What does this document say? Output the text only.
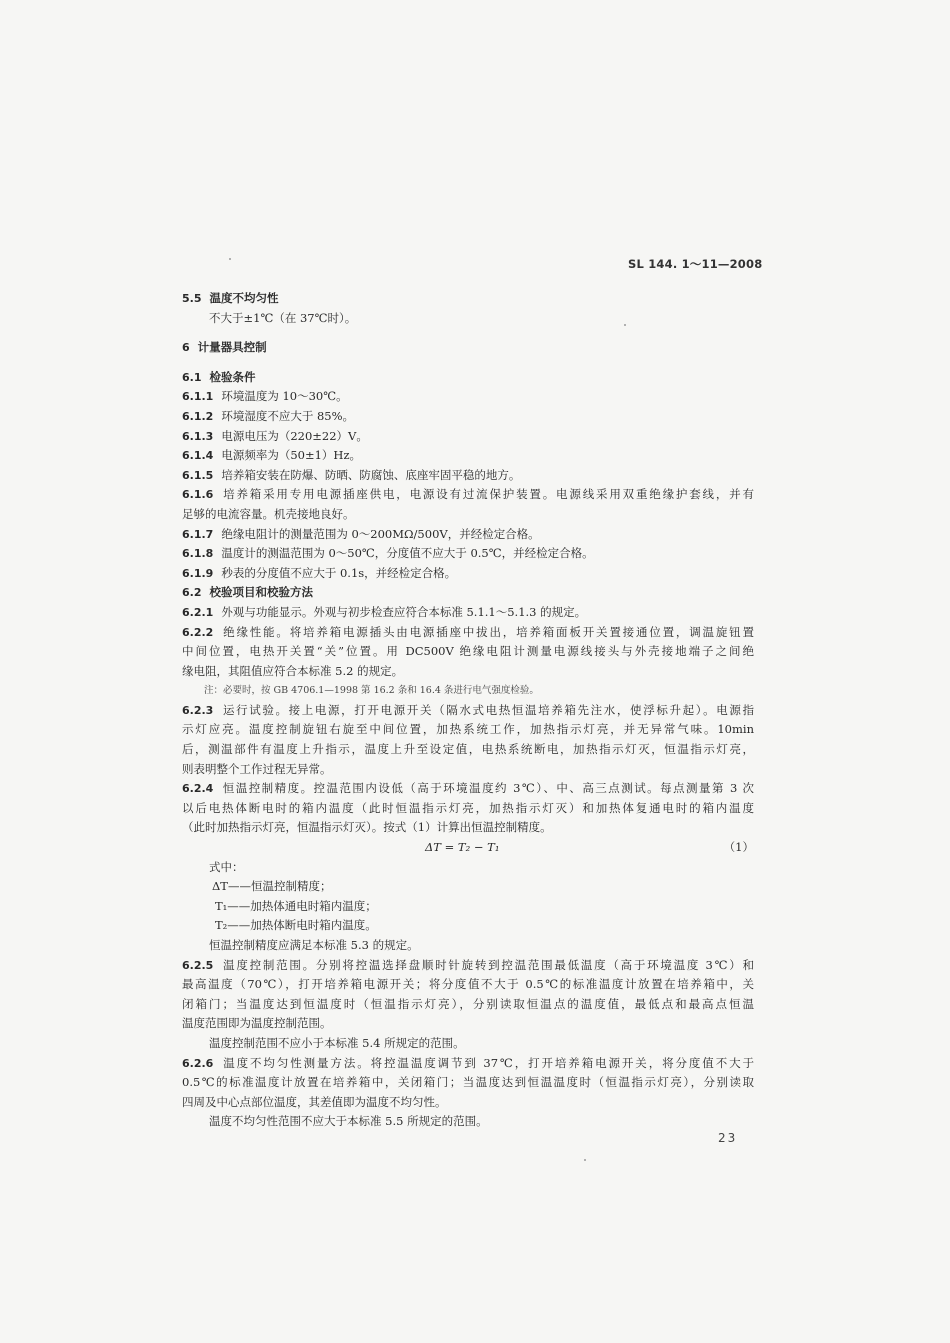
SL 144. 1～11—2008
5.5 温度不均匀性
不大于±1℃（在 37℃时）。
6 计量器具控制
6.1 检验条件
6.1.1 环境温度为 10～30℃。
6.1.2 环境湿度不应大于 85%。
6.1.3 电源电压为（220±22）V。
6.1.4 电源频率为（50±1）Hz。
6.1.5 培养箱安装在防爆、防晒、防腐蚀、底座牢固平稳的地方。
6.1.6 培养箱采用专用电源插座供电，电源设有过流保护装置。电源线采用双重绝缘护套线，并有
足够的电流容量。机壳接地良好。
6.1.7 绝缘电阻计的测量范围为 0～200MΩ/500V，并经检定合格。
6.1.8 温度计的测温范围为 0～50℃，分度值不应大于 0.5℃，并经检定合格。
6.1.9 秒表的分度值不应大于 0.1s，并经检定合格。
6.2 校验项目和校验方法
6.2.1 外观与功能显示。外观与初步检查应符合本标准 5.1.1～5.1.3 的规定。
6.2.2 绝缘性能。将培养箱电源插头由电源插座中拔出，培养箱面板开关置接通位置，调温旋钮置
中间位置，电热开关置“关”位置。用 DC500V 绝缘电阻计测量电源线接头与外壳接地端子之间绝
缘电阻，其阻值应符合本标准 5.2 的规定。
注：必要时，按 GB 4706.1—1998 第 16.2 条和 16.4 条进行电气强度检验。
6.2.3 运行试验。接上电源，打开电源开关（隔水式电热恒温培养箱先注水，使浮标升起）。电源指
示灯应亮。温度控制旋钮右旋至中间位置，加热系统工作，加热指示灯亮，并无异常气味。10min
后，测温部件有温度上升指示，温度上升至设定值，电热系统断电，加热指示灯灭，恒温指示灯亮，
则表明整个工作过程无异常。
6.2.4 恒温控制精度。控温范围内设低（高于环境温度约 3℃）、中、高三点测试。每点测量第 3 次
以后电热体断电时的箱内温度（此时恒温指示灯亮，加热指示灯灭）和加热体复通电时的箱内温度
（此时加热指示灯亮，恒温指示灯灭）。按式（1）计算出恒温控制精度。
ΔT = T₂ − T₁	（1）
式中：
ΔT——恒温控制精度；
T₁——加热体通电时箱内温度；
T₂——加热体断电时箱内温度。
恒温控制精度应满足本标准 5.3 的规定。
6.2.5 温度控制范围。分别将控温选择盘顺时针旋转到控温范围最低温度（高于环境温度 3℃）和
最高温度（70℃），打开培养箱电源开关；将分度值不大于 0.5℃的标准温度计放置在培养箱中，关
闭箱门；当温度达到恒温度时（恒温指示灯亮），分别读取恒温点的温度值，最低点和最高点恒温
温度范围即为温度控制范围。
温度控制范围不应小于本标准 5.4 所规定的范围。
6.2.6 温度不均匀性测量方法。将控温温度调节到 37℃，打开培养箱电源开关，将分度值不大于
0.5℃的标准温度计放置在培养箱中，关闭箱门；当温度达到恒温温度时（恒温指示灯亮），分别读取
四周及中心点部位温度，其差值即为温度不均匀性。
温度不均匀性范围不应大于本标准 5.5 所规定的范围。
23
